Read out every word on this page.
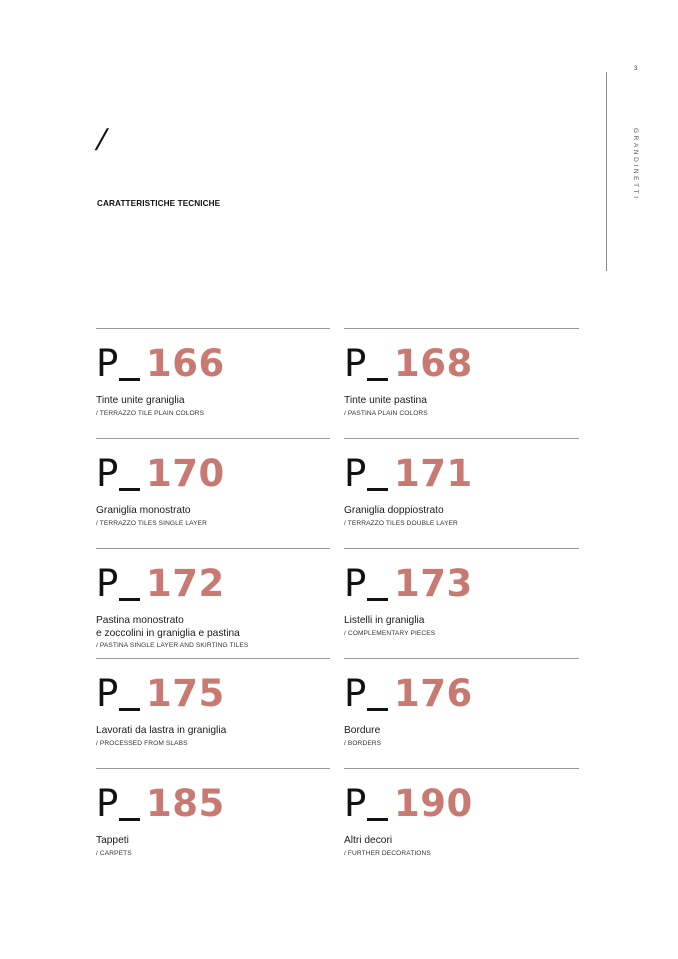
3
GRANDINETTI
/
CARATTERISTICHE TECNICHE
P 166
Tinte unite graniglia
/ TERRAZZO TILE PLAIN COLORS
P 168
Tinte unite pastina
/ PASTINA PLAIN COLORS
P 170
Graniglia monostrato
/ TERRAZZO TILES SINGLE LAYER
P 171
Graniglia doppiostrato
/ TERRAZZO TILES DOUBLE LAYER
P 172
Pastina monostrato
e zoccolini in graniglia e pastina
/ PASTINA SINGLE LAYER AND SKIRTING TILES
P 173
Listelli in graniglia
/ COMPLEMENTARY PIECES
P 175
Lavorati da lastra in graniglia
/ PROCESSED FROM SLABS
P 176
Bordure
/ BORDERS
P 185
Tappeti
/ CARPETS
P 190
Altri decori
/ FURTHER DECORATIONS
